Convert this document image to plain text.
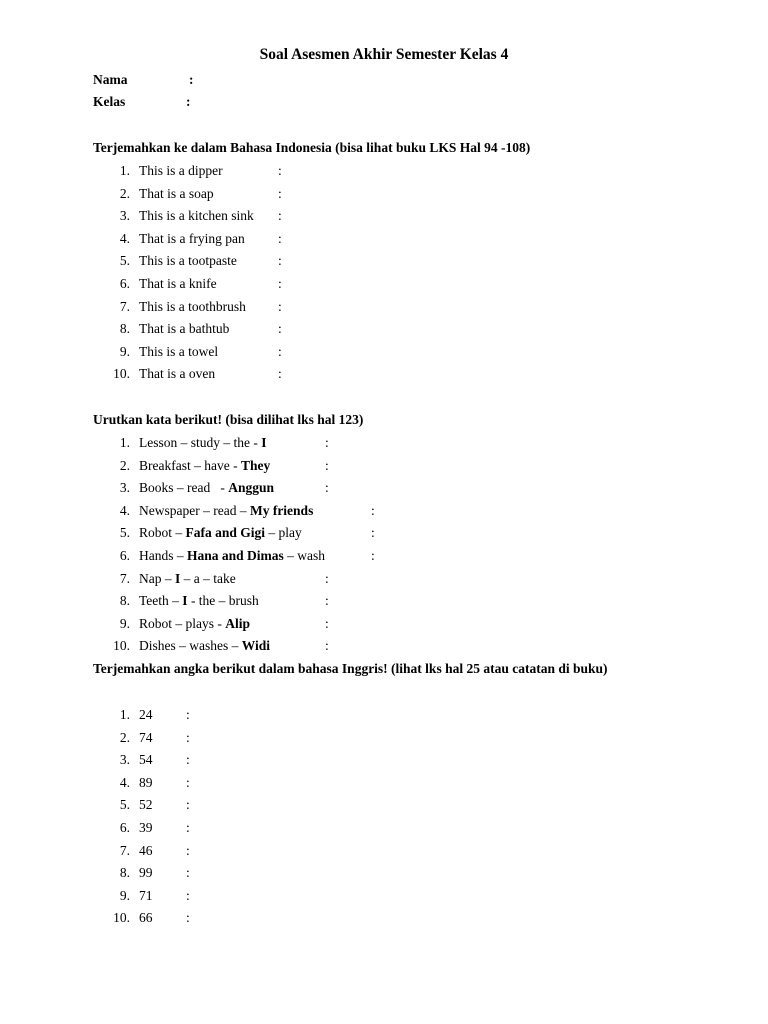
Soal Asesmen Akhir Semester Kelas 4
Nama	:
Kelas	:
Terjemahkan ke dalam Bahasa Indonesia (bisa lihat buku LKS Hal 94 -108)
1. This is a dipper	:
2. That is a soap	:
3. This is a kitchen sink :
4. That is a frying pan :
5. This is a tootpaste	:
6. That is a knife	:
7. This is a toothbrush :
8. That is a bathtub	:
9. This is a towel	:
10. That is a oven	:
Urutkan kata berikut! (bisa dilihat lks hal 123)
1. Lesson – study – the - I	:
2. Breakfast – have - They	:
3. Books – read   - Anggun	:
4. Newspaper – read – My friends	:
5. Robot – Fafa and Gigi – play	:
6. Hands – Hana and Dimas – wash	:
7. Nap – I – a – take	:
8. Teeth – I - the – brush	:
9. Robot – plays - Alip	:
10. Dishes – washes – Widi	:
Terjemahkan angka berikut dalam bahasa Inggris! (lihat lks hal 25 atau catatan di buku)
1. 24 :
2. 74 :
3. 54 :
4. 89 :
5. 52 :
6. 39 :
7. 46 :
8. 99 :
9. 71 :
10. 66 :
